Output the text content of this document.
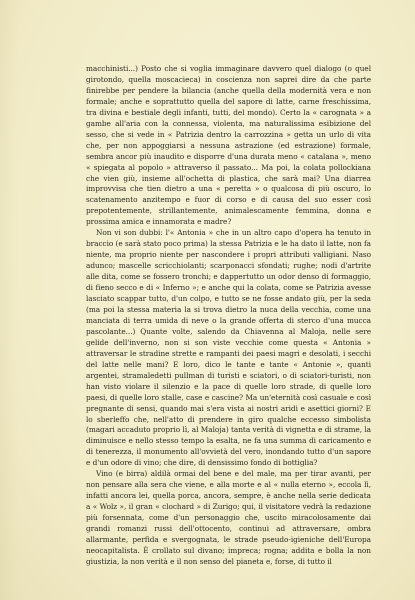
macchinisti...) Posto che si voglia immaginare davvero quel dialogo (o quel girotondo, quella moscacieca) in coscienza non saprei dire da che parte finirebbe per pendere la bilancia (anche quella della modernità vera e non formale; anche e soprattutto quella del sapore di latte, carne freschissima, tra divina e bestiale degli infanti, tutti, del mondo). Certo la « carognata » a gambe all'aria con la connessa, violenta, ma naturalissima esibizione del sesso, che si vede in « Patrizia dentro la carrozzina » getta un urlo di vita che, per non appoggiarsi a nessuna astrazione (ed estrazione) formale, sembra ancor più inaudito e disporre d'una durata meno « catalana », meno « spiegata al popolo » attraverso il passato... Ma poi, la colata pollockiana che vien giù, insieme all'ochetta di plastica, che sarà mai? Una diarrea improvvisa che tien dietro a una « peretta » o qualcosa di più oscuro, lo scatenamento anzitempo e fuor di corso e di causa del suo esser così prepotentemente, strillantemente, animalescamente femmina, donna e prossima amica e innamorata e madre?

Non vi son dubbi: l'« Antonia » che in un altro capo d'opera ha tenuto in braccio (e sarà stato poco prima) la stessa Patrizia e le ha dato il latte, non fa niente, ma proprio niente per nascondere i propri attributi valligiani. Naso adunco; mascelle scricchiolanti; scarponacci sfondati; rughe; nodi d'artrite alle dita, come se fossero tronchi; e dappertutto un odor denso di formaggio, di fieno secco e di « Inferno »; e anche qui la colata, come se Patrizia avesse lasciato scappar tutto, d'un colpo, e tutto se ne fosse andato giù, per la seda (ma poi la stessa materia la si trova dietro la nuca della vecchia, come una manciata di terra umida di neve o la grande offerta di sterco d'una mucca pascolante...) Quante volte, salendo da Chiavenna al Maloja, nelle sere gelide dell'inverno, non si son viste vecchie come questa « Antonia » attraversar le stradine strette e rampanti dei paesi magri e desolati, i secchi del latte nelle mani? E loro, dico le tante e tante « Antonie », quanti argentei, stramaledetti pullman di turisti e sciatori, o di sciatori-turisti, non han visto violare il silenzio e la pace di quelle loro strade, di quelle loro paesi, di quelle loro stalle, case e cascine? Ma un'eternità così casuale e così pregnante di sensi, quando mai s'era vista ai nostri aridi e asettici giorni? E lo sberleffo che, nell'atto di prendere in giro qualche eccesso simbolista (magari accaduto proprio lì, al Maloja) tanta verità di vignetta e di strame, la diminuisce e nello stesso tempo la esalta, ne fa una summa di caricamento e di tenerezza, il monumento all'ovvietà del vero, inondando tutto d'un sapore e d'un odore di vino; che dire, di densissimo fondo di bottiglia?

Vino (e birra) aldilà ormai del bene e del male, ma per tirar avanti, per non pensare alla sera che viene, e alla morte e al « nulla eterno », eccola lì, infatti ancora lei, quella porca, ancora, sempre, è anche nella serie dedicata a « Wolz », il gran « clochard » di Zurigo; qui, il visitatore vedrà la redazione più forsennata, come d'un personaggio che, uscito miracolosamente dai grandi romanzi russi dell'ottocento, continui ad attraversare, ombra allarmante, perfida e svergognata, le strade pseudo-igieniche dell'Europa neocapitalista. È crollato sul divano; impreca; rogna; addita e bolla la non giustizia, la non verità e il non senso del pianeta e, forse, di tutto il
